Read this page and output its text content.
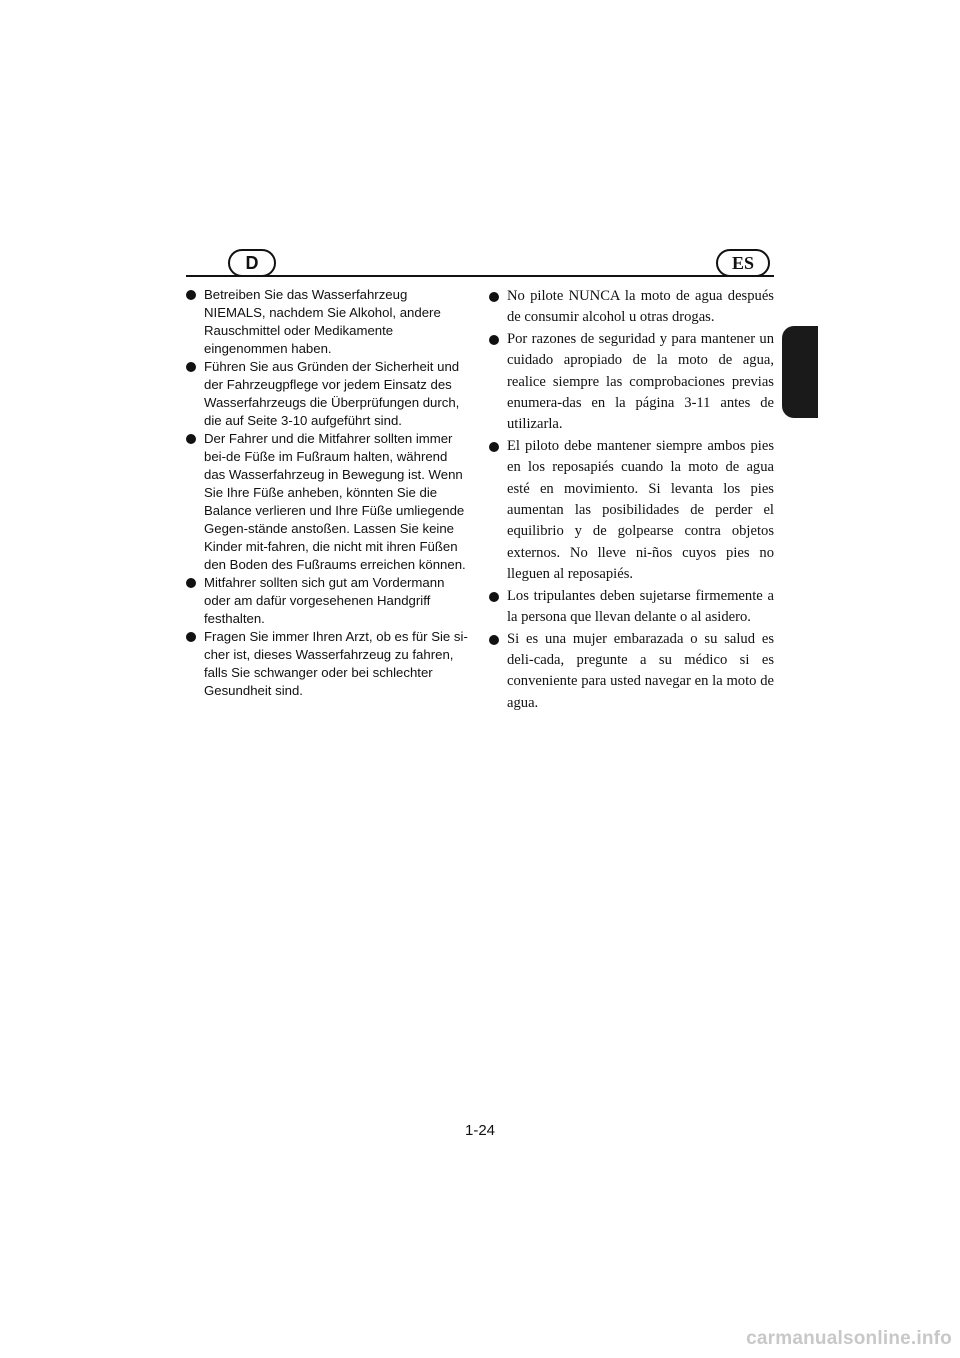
D	ES
Betreiben Sie das Wasserfahrzeug NIEMALS, nachdem Sie Alkohol, andere Rauschmittel oder Medikamente eingenommen haben.
Führen Sie aus Gründen der Sicherheit und der Fahrzeugpflege vor jedem Einsatz des Wasserfahrzeugs die Überprüfungen durch, die auf Seite 3-10 aufgeführt sind.
Der Fahrer und die Mitfahrer sollten immer bei-de Füße im Fußraum halten, während das Wasserfahrzeug in Bewegung ist. Wenn Sie Ihre Füße anheben, könnten Sie die Balance verlieren und Ihre Füße umliegende Gegen-stände anstoßen. Lassen Sie keine Kinder mit-fahren, die nicht mit ihren Füßen den Boden des Fußraums erreichen können.
Mitfahrer sollten sich gut am Vordermann oder am dafür vorgesehenen Handgriff festhalten.
Fragen Sie immer Ihren Arzt, ob es für Sie si-cher ist, dieses Wasserfahrzeug zu fahren, falls Sie schwanger oder bei schlechter Gesundheit sind.
No pilote NUNCA la moto de agua después de consumir alcohol u otras drogas.
Por razones de seguridad y para mantener un cuidado apropiado de la moto de agua, realice siempre las comprobaciones previas enumera-das en la página 3-11 antes de utilizarla.
El piloto debe mantener siempre ambos pies en los reposapiés cuando la moto de agua esté en movimiento. Si levanta los pies aumentan las posibilidades de perder el equilibrio y de golpearse contra objetos externos. No lleve ni-ños cuyos pies no lleguen al reposapiés.
Los tripulantes deben sujetarse firmemente a la persona que llevan delante o al asidero.
Si es una mujer embarazada o su salud es deli-cada, pregunte a su médico si es conveniente para usted navegar en la moto de agua.
1-24
carmanualsonline.info
